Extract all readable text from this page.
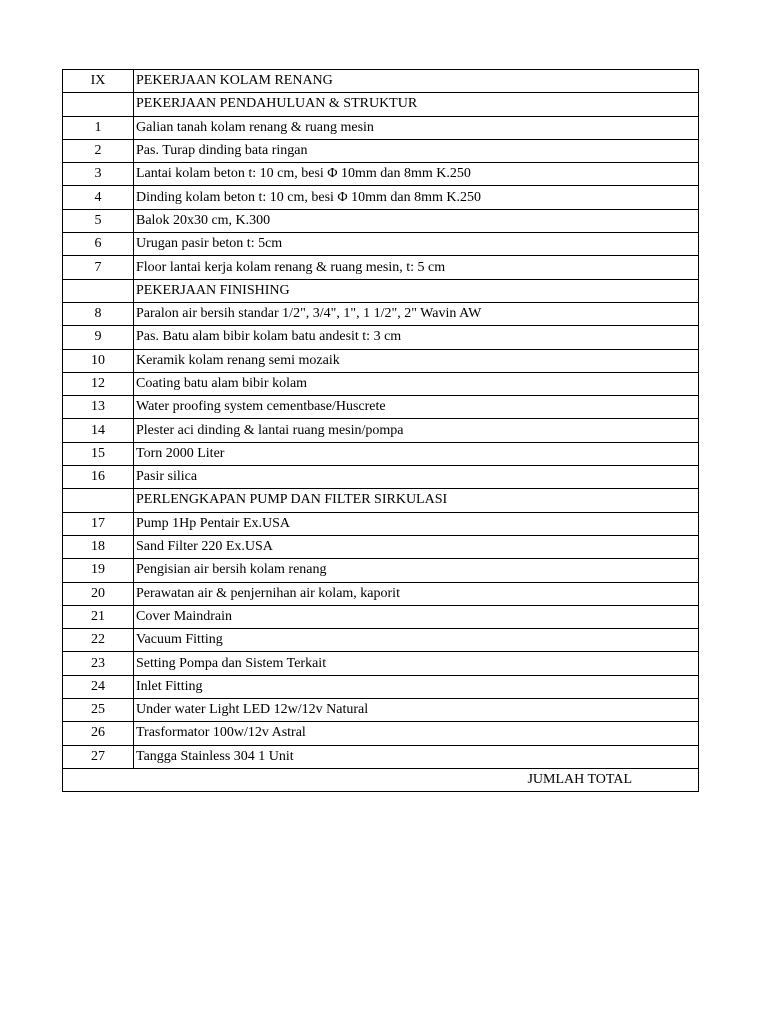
IX	PEKERJAAN KOLAM RENANG
	PEKERJAAN PENDAHULUAN & STRUKTUR
1	Galian tanah kolam renang & ruang mesin
2	Pas. Turap dinding bata ringan
3	Lantai kolam beton t: 10 cm, besi Φ 10mm dan 8mm K.250
4	Dinding kolam beton t: 10 cm, besi Φ 10mm dan 8mm K.250
5	Balok 20x30 cm, K.300
6	Urugan pasir beton t: 5cm
7	Floor lantai kerja kolam renang & ruang mesin, t: 5 cm
	PEKERJAAN FINISHING
8	Paralon air bersih standar 1/2", 3/4", 1", 1 1/2", 2" Wavin AW
9	Pas. Batu alam bibir kolam batu andesit t: 3 cm
10	Keramik kolam renang semi mozaik
12	Coating batu alam bibir kolam
13	Water proofing system cementbase/Huscrete
14	Plester aci dinding & lantai ruang mesin/pompa
15	Torn 2000 Liter
16	Pasir silica
	PERLENGKAPAN PUMP DAN FILTER SIRKULASI
17	Pump 1Hp Pentair Ex.USA
18	Sand Filter 220 Ex.USA
19	Pengisian air bersih kolam renang
20	Perawatan air & penjernihan air kolam, kaporit
21	Cover Maindrain
22	Vacuum Fitting
23	Setting Pompa dan Sistem Terkait
24	Inlet Fitting
25	Under water Light LED 12w/12v Natural
26	Trasformator 100w/12v Astral
27	Tangga Stainless 304 1 Unit
JUMLAH TOTAL	
